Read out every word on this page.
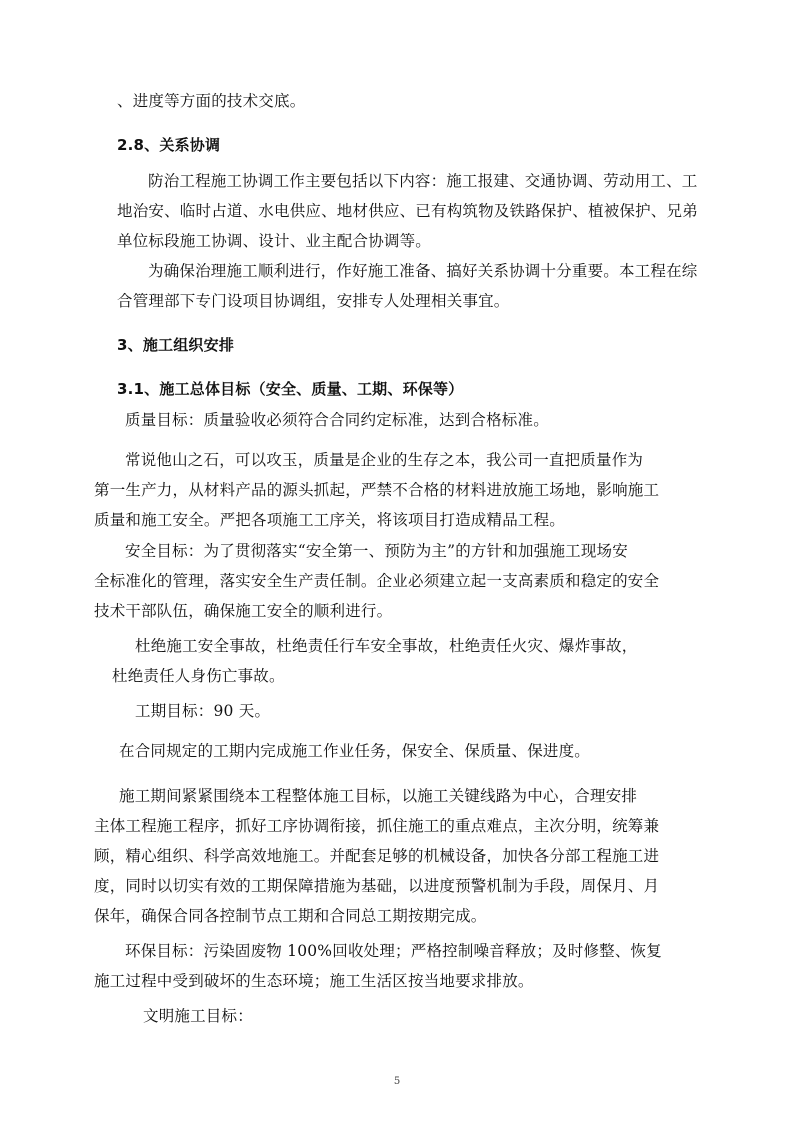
、进度等方面的技术交底。
2.8、关系协调
防治工程施工协调工作主要包括以下内容：施工报建、交通协调、劳动用工、工
地治安、临时占道、水电供应、地材供应、已有构筑物及铁路保护、植被保护、兄弟
单位标段施工协调、设计、业主配合协调等。
为确保治理施工顺利进行，作好施工准备、搞好关系协调十分重要。本工程在综
合管理部下专门设项目协调组，安排专人处理相关事宜。
3、施工组织安排
3.1、施工总体目标（安全、质量、工期、环保等）
质量目标：质量验收必须符合合同约定标准，达到合格标准。
常说他山之石，可以攻玉，质量是企业的生存之本，我公司一直把质量作为
第一生产力，从材料产品的源头抓起，严禁不合格的材料进放施工场地，影响施工
质量和施工安全。严把各项施工工序关，将该项目打造成精品工程。
安全目标：为了贯彻落实“安全第一、预防为主”的方针和加强施工现场安
全标准化的管理，落实安全生产责任制。企业必须建立起一支高素质和稳定的安全
技术干部队伍，确保施工安全的顺利进行。
杜绝施工安全事故，杜绝责任行车安全事故，杜绝责任火灾、爆炸事故，
杜绝责任人身伤亡事故。
工期目标：90 天。
在合同规定的工期内完成施工作业任务，保安全、保质量、保进度。
施工期间紧紧围绕本工程整体施工目标，以施工关键线路为中心，合理安排
主体工程施工程序，抓好工序协调衔接，抓住施工的重点难点，主次分明，统筹兼
顾，精心组织、科学高效地施工。并配套足够的机械设备，加快各分部工程施工进
度，同时以切实有效的工期保障措施为基础，以进度预警机制为手段，周保月、月
保年，确保合同各控制节点工期和合同总工期按期完成。
环保目标：污染固废物 100%回收处理；严格控制噪音释放；及时修整、恢复
施工过程中受到破坏的生态环境；施工生活区按当地要求排放。
文明施工目标：
5
